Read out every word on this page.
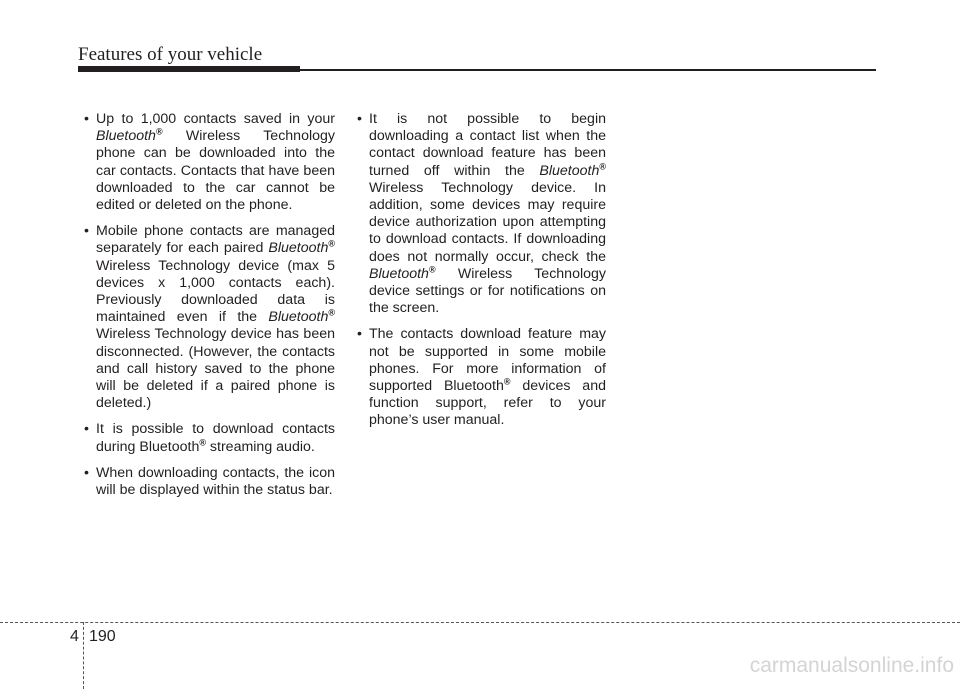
Features of your vehicle
• Up to 1,000 contacts saved in your Bluetooth® Wireless Technology phone can be downloaded into the car contacts. Contacts that have been downloaded to the car cannot be edited or deleted on the phone.
• Mobile phone contacts are managed separately for each paired Bluetooth® Wireless Technology device (max 5 devices x 1,000 contacts each). Previously downloaded data is maintained even if the Bluetooth® Wireless Technology device has been disconnected. (However, the contacts and call history saved to the phone will be deleted if a paired phone is deleted.)
• It is possible to download contacts during Bluetooth® streaming audio.
• When downloading contacts, the icon will be displayed within the status bar.
• It is not possible to begin downloading a contact list when the contact download feature has been turned off within the Bluetooth® Wireless Technology device. In addition, some devices may require device authorization upon attempting to download contacts. If downloading does not normally occur, check the Bluetooth® Wireless Technology device settings or for notifications on the screen.
• The contacts download feature may not be supported in some mobile phones. For more information of supported Bluetooth® devices and function support, refer to your phone’s user manual.
4 190
carmanualsonline.info
